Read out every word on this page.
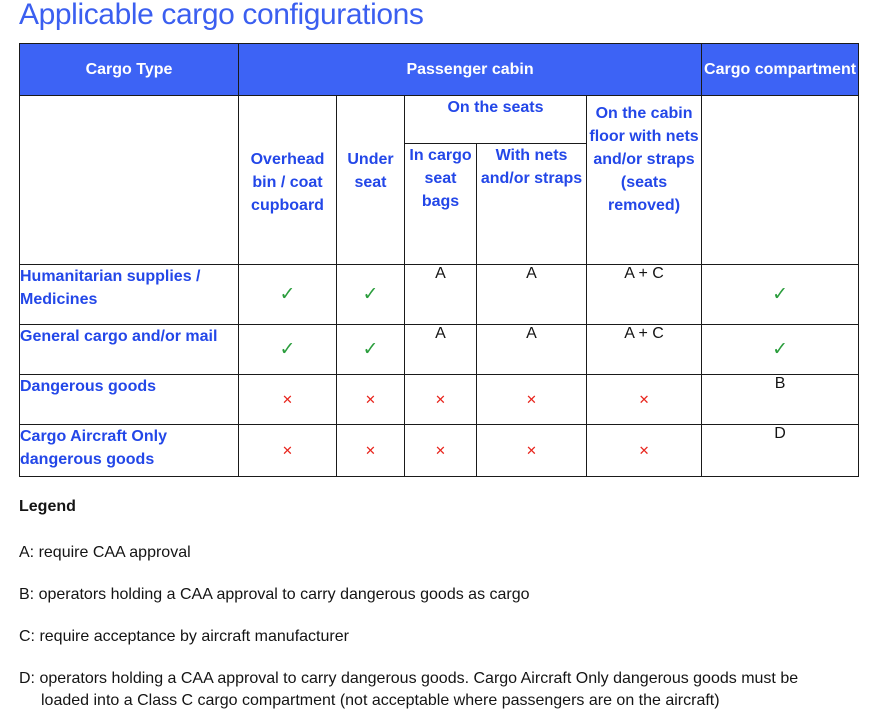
Applicable cargo configurations
Cargo Type	Passenger cabin					Cargo compartment
	Overhead bin / coat cupboard	Under seat	On the seats		On the cabin floor with nets and/or straps (seats removed)	
			In cargo seat bags	With nets and/or straps		
Humanitarian supplies / Medicines	✓	✓	A	A	A + C	✓
General cargo and/or mail	✓	✓	A	A	A + C	✓
Dangerous goods	✕	✕	✕	✕	✕	B
Cargo Aircraft Only dangerous goods	✕	✕	✕	✕	✕	D
Legend
A: require CAA approval
B: operators holding a CAA approval to carry dangerous goods as cargo
C: require acceptance by aircraft manufacturer
D: operators holding a CAA approval to carry dangerous goods. Cargo Aircraft Only dangerous goods must be
loaded into a Class C cargo compartment (not acceptable where passengers are on the aircraft)
